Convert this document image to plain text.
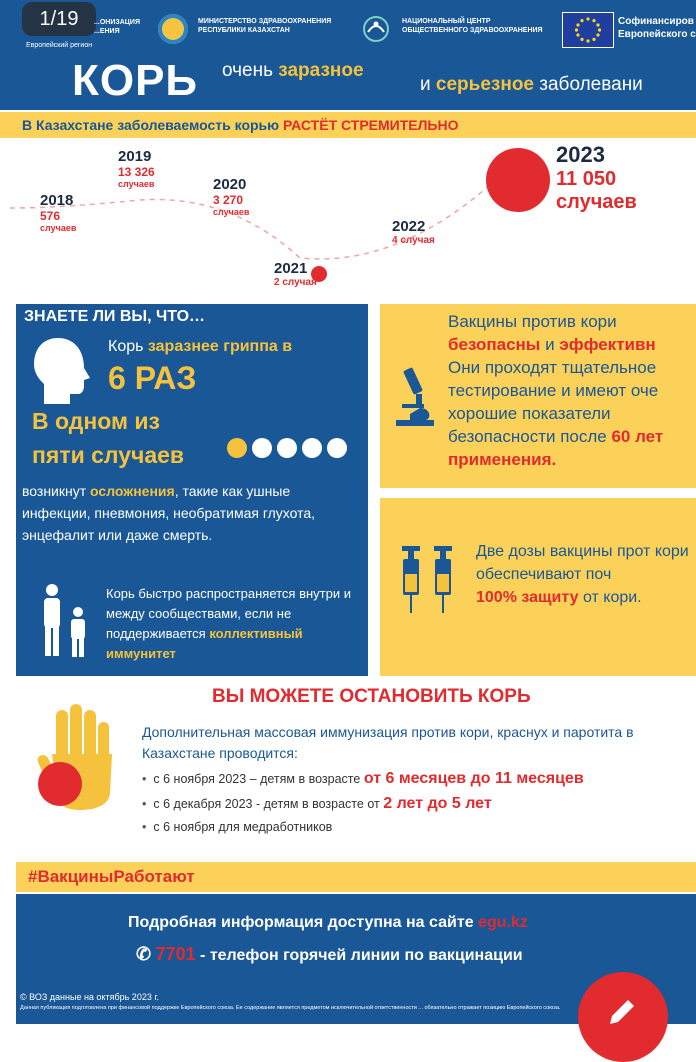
1/19	...ОНИЗАЦИЯ
...ЕНИЯ
Европейский регион
МИНИСТЕРСТВО ЗДРАВООХРАНЕНИЯ
РЕСПУБЛИКИ КАЗАХСТАН
НАЦИОНАЛЬНЫЙ ЦЕНТР
ОБЩЕСТВЕННОГО ЗДРАВООХРАНЕНИЯ
Софинансиров
Европейского с
КОРЬ очень заразное
и серьезное заболевани
В Казахстане заболеваемость корью РАСТЁТ СТРЕМИТЕЛЬНО
2018
576
случаев
2019
13 326
случаев	2020
3 270
случаев
2021
2 случая
2022
4 случая
2023
11 050
случаев
ЗНАЕТЕ ЛИ ВЫ, ЧТО…
Корь заразнее гриппа в
6 РАЗ
В одном из
пяти случаев
возникнут осложнения, такие как ушные инфекции, пневмония, необратимая глухота, энцефалит или даже смерть.
Корь быстро распространяется внутри и между сообществами, если не поддерживается коллективный иммунитет
Вакцины против кори
безопасны и эффективн
Они проходят тщательное тестирование и имеют оче хорошие показатели безопасности после 60 лет
применения.
Две дозы вакцины прот кори обеспечивают поч
100% защиту от кори.
ВЫ МОЖЕТЕ ОСТАНОВИТЬ КОРЬ
Дополнительная массовая иммунизация против кори, краснух и паротита в Казахстане проводится:
• с 6 ноября 2023 – детям в возрасте от 6 месяцев до 11 месяцев
• с 6 декабря 2023 - детям в возрасте от 2 лет до 5 лет
• с 6 ноября для медработников
#ВакциныРаботают
Подробная информация доступна на сайте egu.kz
✆ 7701 - телефон горячей линии по вакцинации
© ВОЗ данные на октябрь 2023 г.
Данная публикация подготовлена при финансовой поддержке Европейского союза. Ее содержание является предметом исключительной ответственности ... обязательно отражает позицию Европейского союза.
